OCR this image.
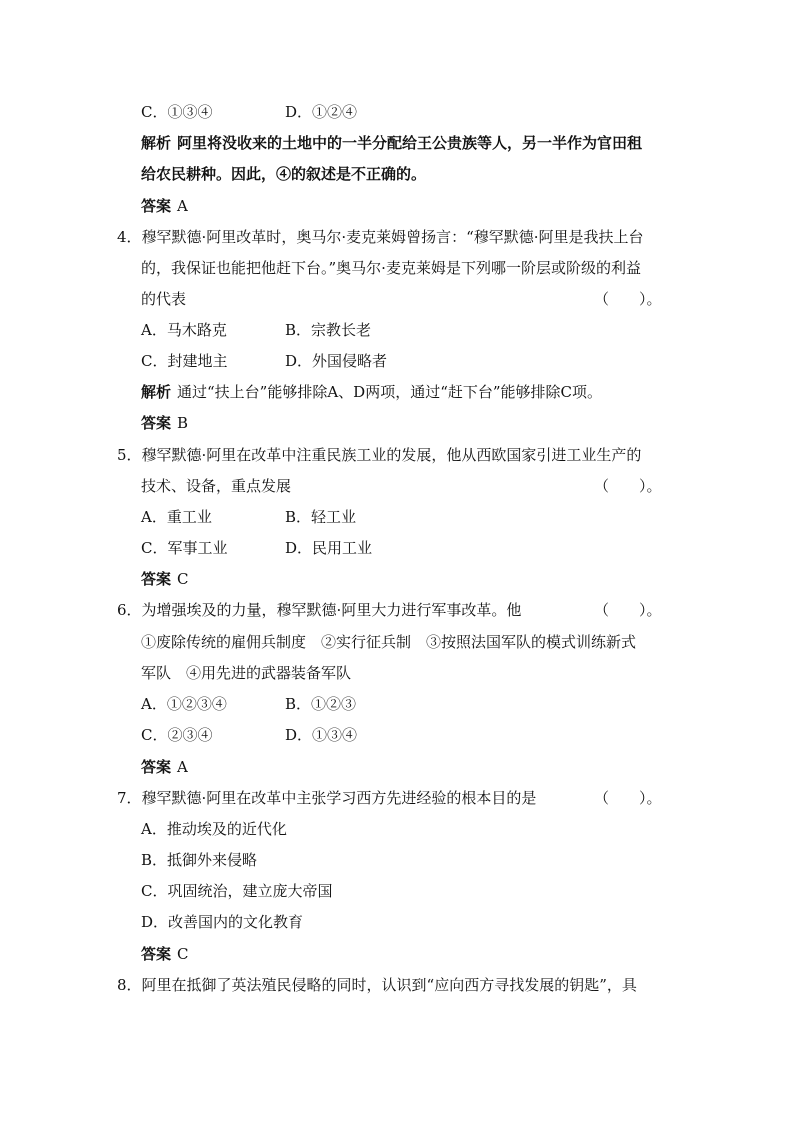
C．①③④	D．①②④
解析 阿里将没收来的土地中的一半分配给王公贵族等人，另一半作为官田租
给农民耕种。因此，④的叙述是不正确的。
答案 A
4．穆罕默德·阿里改革时，奥马尔·麦克莱姆曾扬言：“穆罕默德·阿里是我扶上台
的，我保证也能把他赶下台。”奥马尔·麦克莱姆是下列哪一阶层或阶级的利益
的代表	（　　）。
A．马木路克	B．宗教长老
C．封建地主	D．外国侵略者
解析 通过“扶上台”能够排除A、D两项，通过“赶下台”能够排除C项。
答案 B
5．穆罕默德·阿里在改革中注重民族工业的发展，他从西欧国家引进工业生产的
技术、设备，重点发展	（　　）。
A．重工业	B．轻工业
C．军事工业	D．民用工业
答案 C
6．为增强埃及的力量，穆罕默德·阿里大力进行军事改革。他	（　　）。
①废除传统的雇佣兵制度　②实行征兵制　③按照法国军队的模式训练新式
军队　④用先进的武器装备军队
A．①②③④	B．①②③
C．②③④	D．①③④
答案 A
7．穆罕默德·阿里在改革中主张学习西方先进经验的根本目的是	（　　）。
A．推动埃及的近代化
B．抵御外来侵略
C．巩固统治，建立庞大帝国
D．改善国内的文化教育
答案 C
8．阿里在抵御了英法殖民侵略的同时，认识到“应向西方寻找发展的钥匙”，具
